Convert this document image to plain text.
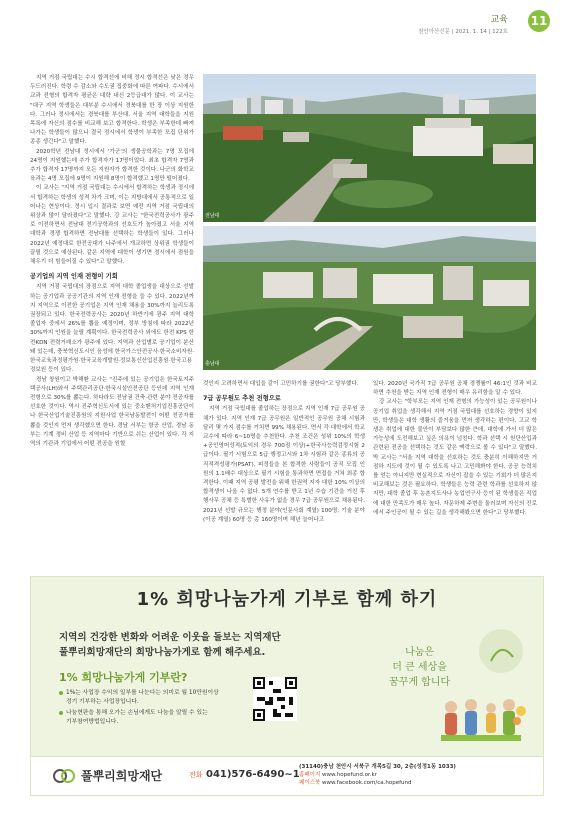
교육
천안아산신문 | 2021. 1. 14 | 122호
11

지역 거점 국립대는 수시 합격선에 비해 정시 합격선은 낮은 경우 두드러진다. 학령 수 감소와 수도권 집중화에 따른 여파다. 수시에서 교과 전형의 합격자 평균은 대략 내신 2등급대가 많다. 이 교사는 "대구 지역 학생들은 대부분 수시에서 경북대를 한 장 이상 지원한다. 그러나 정시에서는 경북대를 부산대, 서울 지역 대학들을 지원 목록에 자신의 점수를 비교해 보고 합격한다. 학생은 부족한데 빠져나가는 학생들이 많으니 결국 정시에서 학생이 부족한 모집 단위가 종종 생긴다"고 말했다.

2020학년 전남대 정시에서 '가군'의 생물공학과는 7명 모집에 24명이 지원했는데 추가 합격자가 17명이었다. 최초 합격자 7명과 추가 합격자 17명까지 모든 지원자가 합격한 것이다. 나군의 화학교육과는 4명 모집에 9명이 지원해 8명이 합격했고 1명만 떨어졌다.

이 교사는 "지역 거점 국립대는 수시에서 합격하는 학생과 정시에서 합격하는 학생의 성적 차가 크며, 이는 지방대에서 공통적으로 일어나는 현상이다. 정시 입시 결과로 보면 예전 지역 거점 국립대의 위상과 많이 달라졌다"고 말했다. 강 교사는 "한국전력공사가 광주로 이전하면서 전남대 전기공학과의 선호도가 높아졌고 서울 지역 대학과 경쟁 합격하면 전남대를 선택하는 학생들이 있다. 그러나 2022년 예정대로 한전공대가 나주에서 개교하면 상위권 학생들이 끌릴 것으로 예상된다. 같은 지역에 대학이 생기면 정시에서 점원을 채우기 더 힘들어질 수 있다"고 말했다.

공기업의 지역 인재 전형이 기회

지역 거점 국립대의 장점으로 지역 대학 졸업생을 대상으로 선발하는 공기업과 공공기관의 지역 인재 전형을 들 수 있다. 2022년까지 지역으로 이전한 공기업은 지역 인재 채용을 30%까지 늘리도록 권장되고 있다. 한국전력공사는 2020년 하반기에 광주 지역 대학 졸업자 중에서 26%를 뽑을 예정이며, 정부 방침에 따라 2022년 30%까지 인원을 늘릴 계획이다. 한국전력공사 외에도 한전 KPS 한전KDN 전력거래소가 광주에 있다. 지역과 산업별로 공기업이 분산돼 있는데, 충북혁신도시인 음성에 한국가스안전공사·한국소비자원·한국교육과정평가원·한국교육개발원·정보통신산업진흥원·한국고용정보원 등이 있다.

경남 창원이고 박해환 교사는 "진주에 있는 공기업은 한국토지주택공사(LH)와서 주택관리공단·한국시설안전공단 등인데 지역 인재 전형으로 30%를 뽑는다. 하다라도 전남권 건축·관련 분야 전공자를 선호한 것이다. 역시 진주혁신도시에 있는 중소벤처기업진흥공단이나 한국산업기술진흥원의 지원사업 한국남동발전이 어떤 전공자를 뽑을 것인지 먼저 생각했으면 한다. 경남 서부는 항공 산업, 경남 동부는 기계 정비 산업 등 지역마다 기반으로 쉬는 산업이 있다. 각 지역의 기관과 기업에서 어떤 전공을 원할

전남대
충남대

것인지 고려하면서 대입을 같이 고민하기를 권한다"고 당부했다.

7급 공무원도 추천 전형으로

지역 거점 국립대를 졸업하는 장점으로 지역 인재 7급 공무원 공채가 있다. 지역 인재 7급 공무원은 일반적인 공무원 공채 시험과 달리 몇 가지 점수를 거치면 99% 채용된다. 면서 각 대학에서 학교 교수에 따라 6~10명을 추천한다. 추천 조건은 성위 10%의 학생+공인영어성적(토익의 경우 700점 이상)+한국사능력검정시험 2급이다. 필기 시험으로 5급 행정고시와 1차 시험과 같은 종류의 공직적격성평가(PSAT), 피정들을 본 합격한 사람들이 공직 모집 인원의 1.1배수 대상으로 필기 시험을 통과하면 면접을 거쳐 최종 합격한다. 이때 지역 공평 발전을 위해 한권역 지자 대한 10% 이상의 합격생이 나올 수 없다. 5개 연수를 받고 1년 수습 기간을 거친 후 행사무 공채 등 특별한 사유가 없을 경우 7급 공무원으로 채용된다. 2021년 선발 규모는 행정 분야(인문사회 계열) 100명, 기술 분야(이공 계열) 60명 등 총 160명이며 해년 늘어나고

있다. 2020년 국가직 7급 공무원 공채 경쟁률이 46:1인 것과 비교하면 추천을 받는 지역 인재 전형이 매우 유리함을 알 수 있다.

강 교사는 "학부모는 지역 인재 전형의 가능성이 있는 공무원이나 공기업 취업을 생각해서 지역 거점 국립대를 선호하는 경향이 있지만, 학생들은 대학 생활의 즐거움을 먼저 생각하는 편이다. 고교 학생은 취업에 대한 불안이 부담보다 많한 큰데, 대학에 가서 더 많은 가능성에 도전해보고 싶은 의욕이 넘친다. 학과 선택 시 원단산업과 관련된 전공을 선택하는 것도 같은 맥락으로 볼 수 있다"고 말했다. 박 교사는 "서울 지역 대학을 선호하는 것도 충분히 이해하지만 거점하 지도에 것이 될 수 있도록 나고 고민해봐야 한다. 공공 능력치를 얻는 아니지만 현실적으로 자신이 잡을 수 있는 기회가 더 많은지 비교해보는 것은 필요하다. 학생들은 능력 관련 학과를 선호하지 않지만, 대학 졸업 후 농촌지도사나 농업연구사 등이 된 학생들은 직업에 대한 만족도가 매우 높다. 자문하제 주변을 둘러보며 자신의 진로에서 주인공이 될 수 있는 길을 생각해봤으면 한다"고 당부했다.

1% 희망나눔가게 기부로 함께 하기
지역의 건강한 변화와 어려운 이웃을 돌보는 지역재단
풀뿌리희망재단의 희망나눔가게로 함께 해주세요.
1% 희망나눔가게 기부란?
1%는 사업장 수익의 일부를 나눈다는 의미로 월 10만원이상
정기 기부하는 사업장입니다.
나눔현판을 통해 오가는 손님에게도 나눔을 알릴 수 있는
기부참여방법입니다.
나눔은
더 큰 세상을
꿈꾸게 합니다
풀뿌리희망재단	전화 041)576-6490~1
(31140)충남 천안시 서북구 개목5길 30, 2층(성정1동 1033)
홈페이지 www.hopefund.or.kr
페이스북 www.facebook.com/ca.hopefund
